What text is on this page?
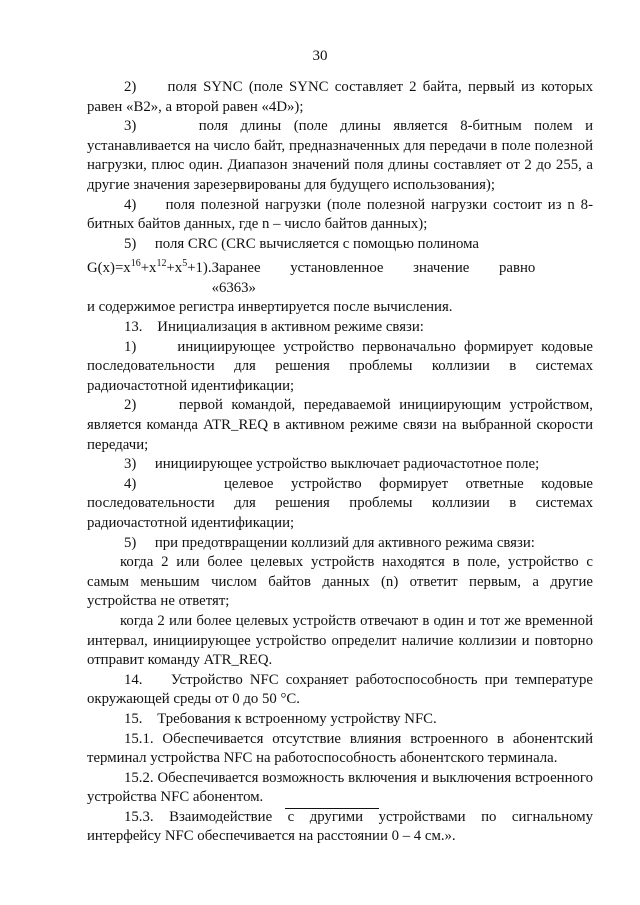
30
2)     поля SYNC (поле SYNC составляет 2 байта, первый из которых равен «B2», а второй равен «4D»);
3)     поля длины (поле длины является 8-битным полем и устанавливается на число байт, предназначенных для передачи в поле полезной нагрузки, плюс один. Диапазон значений поля длины составляет от 2 до 255, а другие значения зарезервированы для будущего использования);
4)     поля полезной нагрузки (поле полезной нагрузки состоит из n 8-битных байтов данных, где n – число байтов данных);
5)     поля CRC (CRC вычисляется с помощью полинома
$G(x)=x^{16}+x^{12}+x^5+1$). Заранее установленное значение равно «6363»
и содержимое регистра инвертируется после вычисления.
13.    Инициализация в активном режиме связи:
1)     инициирующее устройство первоначально формирует кодовые последовательности для решения проблемы коллизии в системах радиочастотной идентификации;
2)     первой командой, передаваемой инициирующим устройством, является команда ATR_REQ в активном режиме связи на выбранной скорости передачи;
3)     инициирующее устройство выключает радиочастотное поле;
4)     целевое устройство формирует ответные кодовые последовательности для решения проблемы коллизии в системах радиочастотной идентификации;
5)     при предотвращении коллизий для активного режима связи:
когда 2 или более целевых устройств находятся в поле, устройство с самым меньшим числом байтов данных (n) ответит первым, а другие устройства не ответят;
когда 2 или более целевых устройств отвечают в один и тот же временной интервал, инициирующее устройство определит наличие коллизии и повторно отправит команду ATR_REQ.
14.    Устройство NFC сохраняет работоспособность при температуре окружающей среды от 0 до 50 °С.
15.    Требования к встроенному устройству NFC.
15.1. Обеспечивается отсутствие влияния встроенного в абонентский терминал устройства NFC на работоспособность абонентского терминала.
15.2. Обеспечивается возможность включения и выключения встроенного устройства NFC абонентом.
15.3. Взаимодействие с другими устройствами по сигнальному интерфейсу NFC обеспечивается на расстоянии 0 – 4 см.».
